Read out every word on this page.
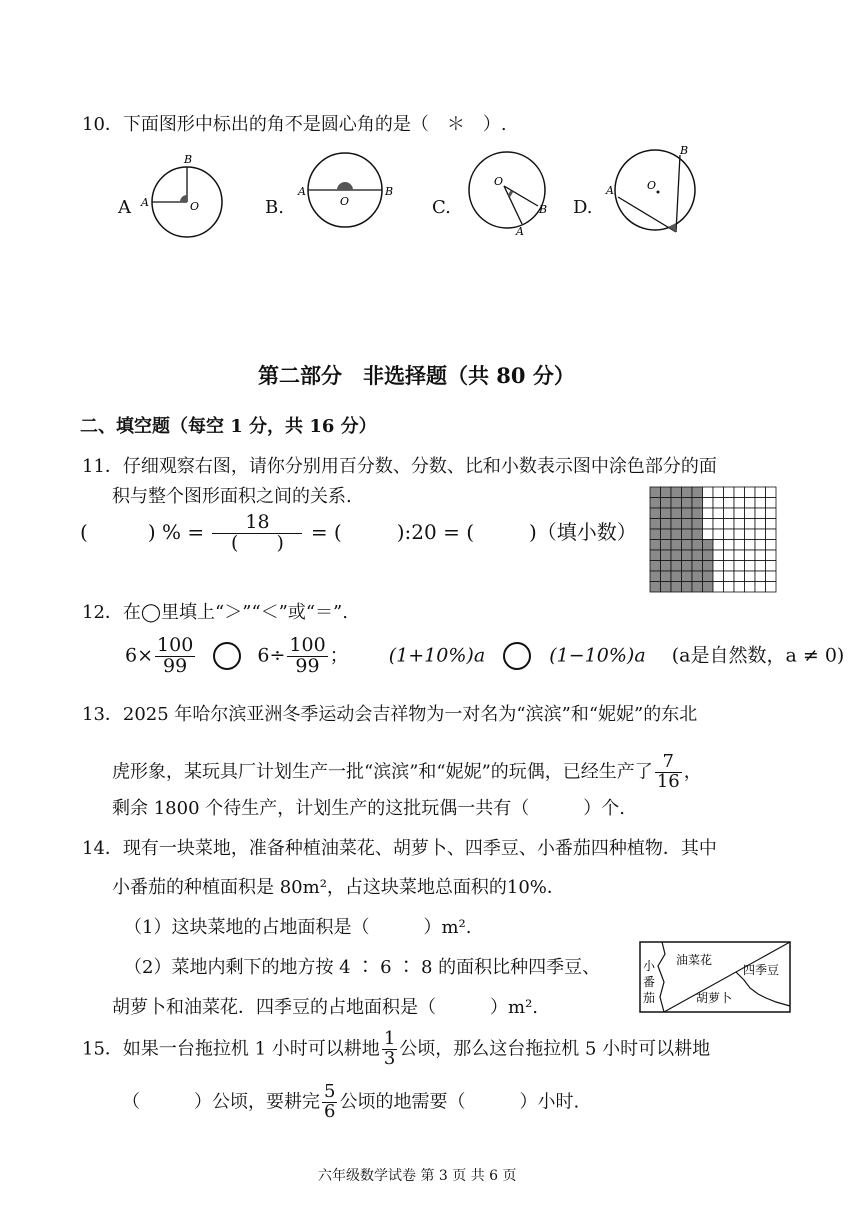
10．下面图形中标出的角不是圆心角的是（　＊　）.
A
B
A	O	B.
A
O
B
C.
O
B
A
D.
B
A	O
第二部分　非选择题（共 80 分）
二、填空题（每空 1 分，共 16 分）
11．仔细观察右图，请你分别用百分数、分数、比和小数表示图中涂色部分的面
积与整个图形面积之间的关系.
(	) % = $\frac{18}{( )}$ = (	):20 = (	)（填小数）
12．在◯里填上“＞”“＜”或“＝”.
$6\times \frac{100}{99}$	$6\div \frac{100}{99}$ ； (1+10%)a	(1−10%)a (a是自然数，a ≠ 0)
13．2025 年哈尔滨亚洲冬季运动会吉祥物为一对名为“滨滨”和“妮妮”的东北
虎形象，某玩具厂计划生产一批“滨滨”和“妮妮”的玩偶，已经生产了 $\frac{7}{16}$ ，
剩余 1800 个待生产，计划生产的这批玩偶一共有（　　　）个.
14．现有一块菜地，准备种植油菜花、胡萝卜、四季豆、小番茄四种植物．其中
小番茄的种植面积是 80m²，占这块菜地总面积的10%．
（1）这块菜地的占地面积是（　　　）m².
（2）菜地内剩下的地方按 4 ∶ 6 ∶ 8 的面积比种四季豆、
胡萝卜和油菜花．四季豆的占地面积是（　　　）m².
小
番
茄
油菜花
四季豆
胡萝卜
15．如果一台拖拉机 1 小时可以耕地 $\frac{1}{3}$ 公顷，那么这台拖拉机 5 小时可以耕地
（　　　）公顷，要耕完 $\frac{5}{6}$ 公顷的地需要（　　　）小时.
六年级数学试卷 第 3 页 共 6 页
